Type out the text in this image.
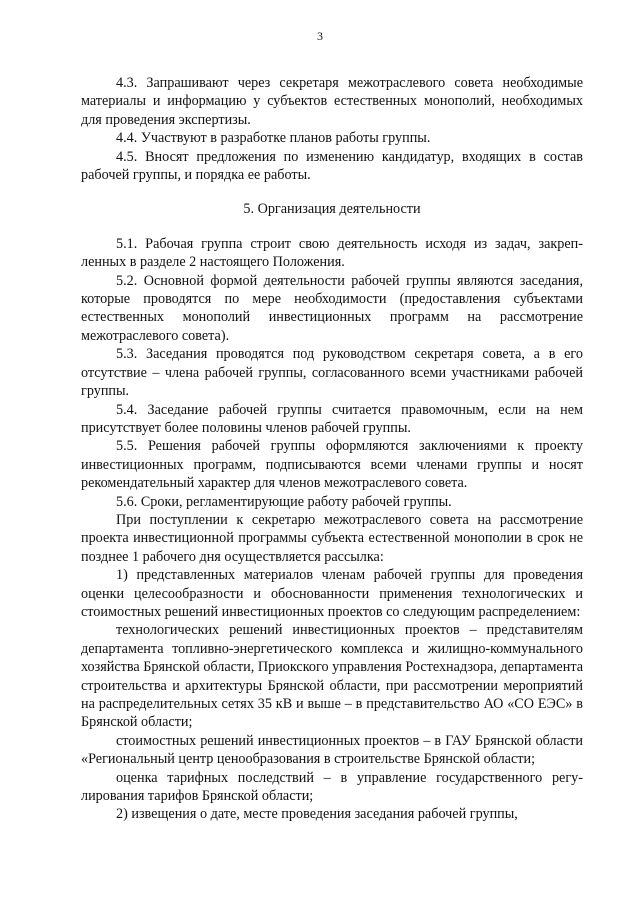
3

4.3. Запрашивают через секретаря межотраслевого совета необходимые материалы и информацию у субъектов естественных монополий, необходимых для проведения экспертизы.

4.4. Участвуют в разработке планов работы группы.

4.5. Вносят предложения по изменению кандидатур, входящих в состав рабочей группы, и порядка ее работы.

5. Организация деятельности

5.1. Рабочая группа строит свою деятельность исходя из задач, закрепленных в разделе 2 настоящего Положения.

5.2. Основной формой деятельности рабочей группы являются заседания, которые проводятся по мере необходимости (предоставления субъектами естественных монополий инвестиционных программ на рассмотрение межотраслевого совета).

5.3. Заседания проводятся под руководством секретаря совета, а в его отсутствие – члена рабочей группы, согласованного всеми участниками рабочей группы.

5.4. Заседание рабочей группы считается правомочным, если на нем присутствует более половины членов рабочей группы.

5.5. Решения рабочей группы оформляются заключениями к проекту инвестиционных программ, подписываются всеми членами группы и носят рекомендательный характер для членов межотраслевого совета.

5.6. Сроки, регламентирующие работу рабочей группы.

При поступлении к секретарю межотраслевого совета на рассмотрение проекта инвестиционной программы субъекта естественной монополии в срок не позднее 1 рабочего дня осуществляется рассылка:

1) представленных материалов членам рабочей группы для проведения оценки целесообразности и обоснованности применения технологических и стоимостных решений инвестиционных проектов со следующим распределением:

технологических решений инвестиционных проектов – представителям департамента топливно-энергетического комплекса и жилищно-коммунального хозяйства Брянской области, Приокского управления Ростехнадзора, департамента строительства и архитектуры Брянской области, при рассмотрении мероприятий на распределительных сетях 35 кВ и выше – в представительство АО «СО ЕЭС» в Брянской области;

стоимостных решений инвестиционных проектов – в ГАУ Брянской области «Региональный центр ценообразования в строительстве Брянской области;

оценка тарифных последствий – в управление государственного регулирования тарифов Брянской области;

2) извещения о дате, месте проведения заседания рабочей группы,
